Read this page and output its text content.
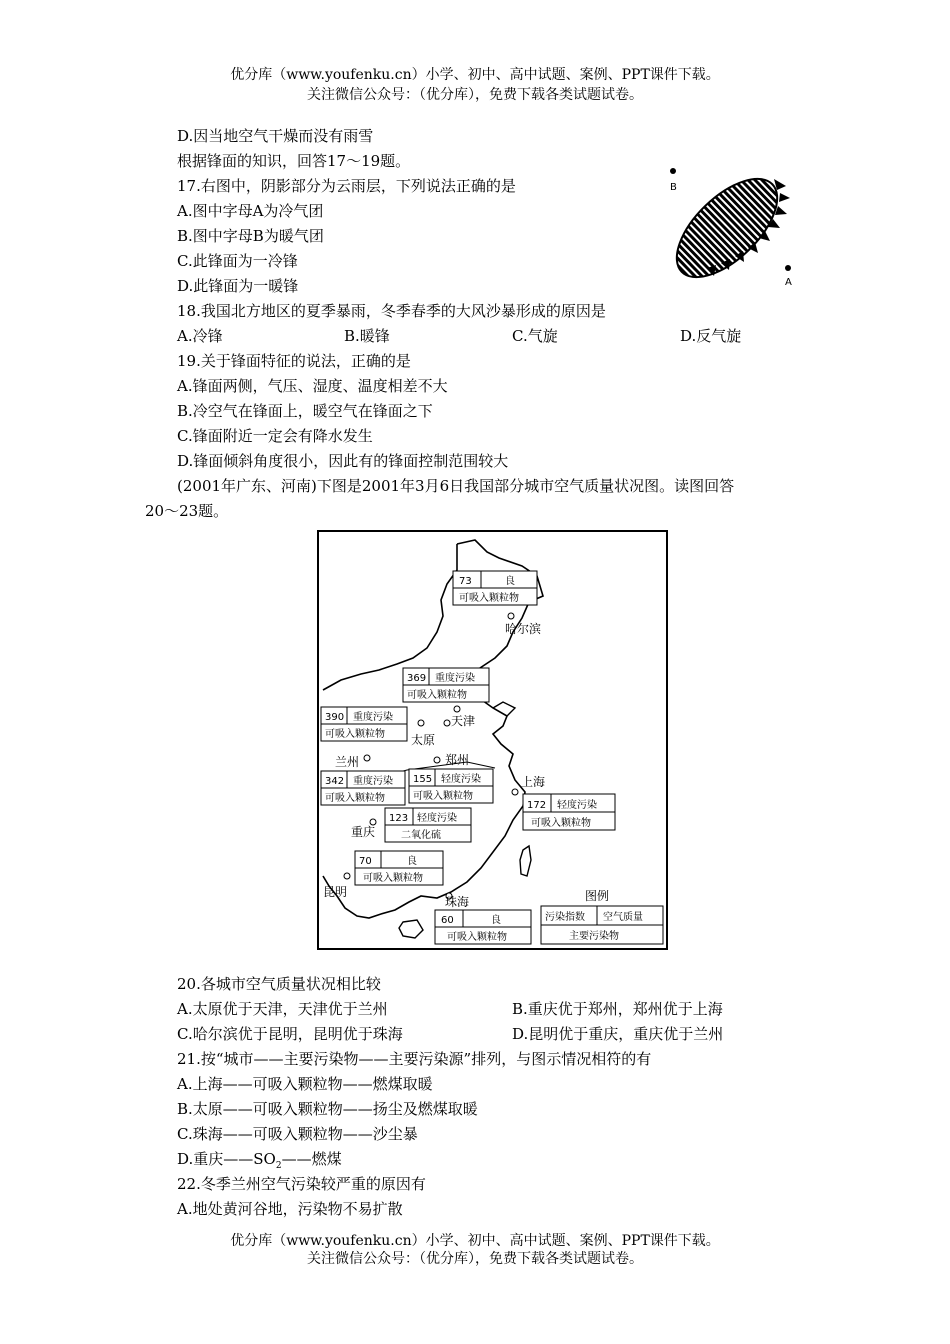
优分库（www.youfenku.cn）小学、初中、高中试题、案例、PPT课件下载。
关注微信公众号：（优分库），免费下载各类试题试卷。
D.因当地空气干燥而没有雨雪
根据锋面的知识，回答17～19题。
17.右图中，阴影部分为云雨层，下列说法正确的是
A.图中字母A为冷气团
B.图中字母B为暖气团
C.此锋面为一冷锋
D.此锋面为一暖锋
B
A
18.我国北方地区的夏季暴雨，冬季春季的大风沙暴形成的原因是
A.冷锋	B.暖锋	C.气旋	D.反气旋
19.关于锋面特征的说法，正确的是
A.锋面两侧，气压、湿度、温度相差不大
B.冷空气在锋面上，暖空气在锋面之下
C.锋面附近一定会有降水发生
D.锋面倾斜角度很小，因此有的锋面控制范围较大
(2001年广东、河南)下图是2001年3月6日我国部分城市空气质量状况图。读图回答
20～23题。
73	良
可吸入颗粒物
哈尔滨
369 重度污染
可吸入颗粒物
天津
390 重度污染
可吸入颗粒物 太原
兰州
342 重度污染
可吸入颗粒物
郑州
155 轻度污染
可吸入颗粒物
上海
172 轻度污染
可吸入颗粒物
123 轻度污染
二氧化硫
重庆
70	良
可吸入颗粒物
昆明
珠海
60	良
可吸入颗粒物
图例
污染指数 空气质量
主要污染物
20.各城市空气质量状况相比较
A.太原优于天津，天津优于兰州	B.重庆优于郑州，郑州优于上海
C.哈尔滨优于昆明，昆明优于珠海	D.昆明优于重庆，重庆优于兰州
21.按“城市——主要污染物——主要污染源”排列，与图示情况相符的有
A.上海——可吸入颗粒物——燃煤取暖
B.太原——可吸入颗粒物——扬尘及燃煤取暖
C.珠海——可吸入颗粒物——沙尘暴
D.重庆$——SO_2——$燃煤
22.冬季兰州空气污染较严重的原因有
A.地处黄河谷地，污染物不易扩散
优分库（www.youfenku.cn）小学、初中、高中试题、案例、PPT课件下载。
关注微信公众号：（优分库），免费下载各类试题试卷。
